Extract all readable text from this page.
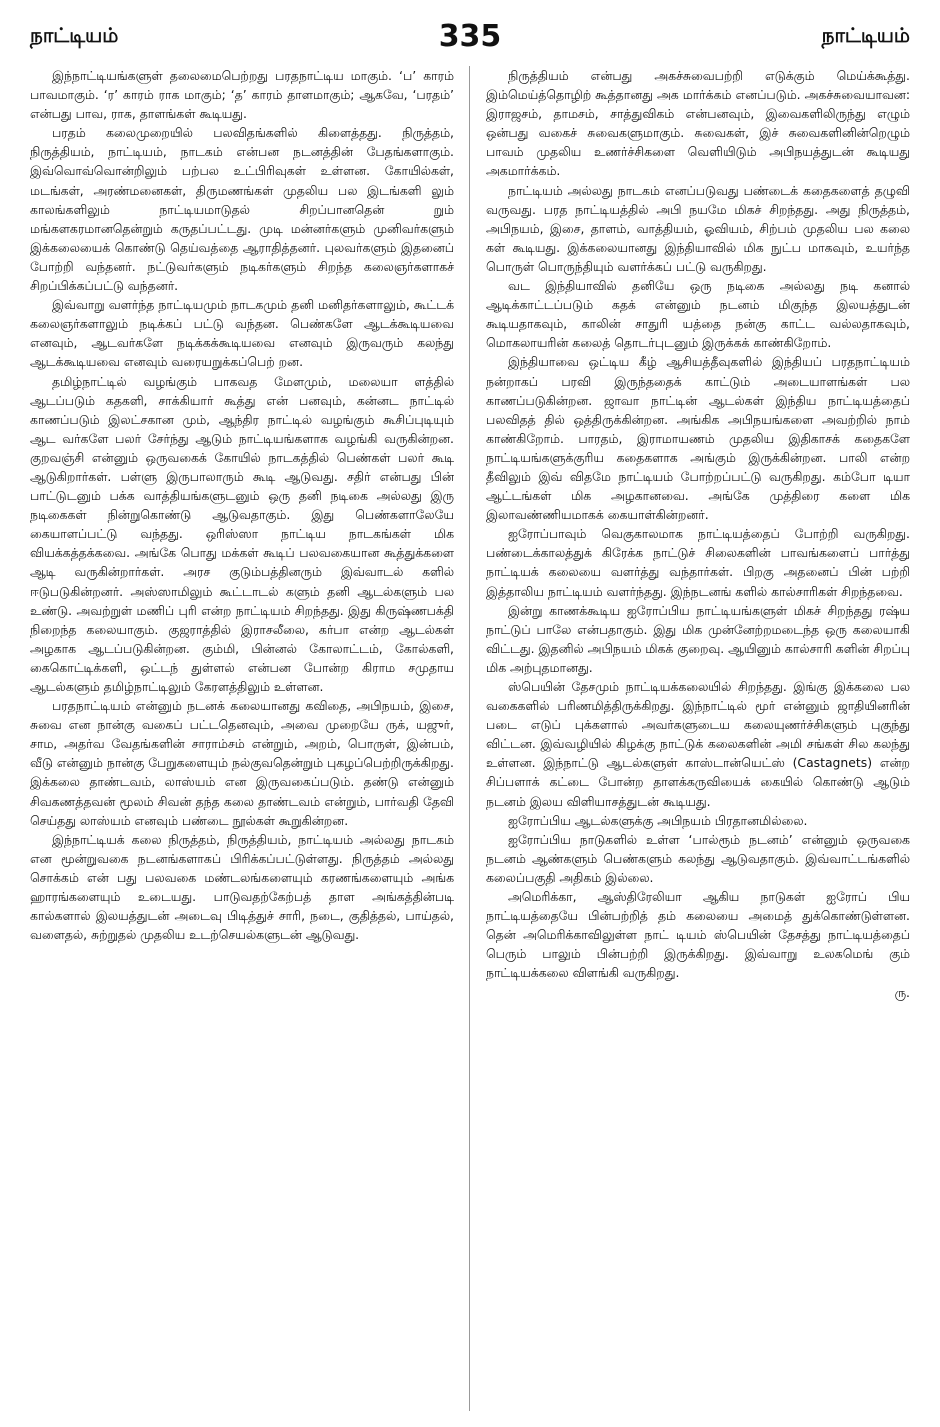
நாட்டியம்	335	நாட்டியம்

இந்நாட்டியங்களுள் தலைமைபெற்றது பரதநாட்டிய மாகும். ‘ப’ காரம் பாவமாகும். ‘ர’ காரம் ராக மாகும்; ‘த’ காரம் தாளமாகும்; ஆகவே, ‘பரதம்’ என்பது பாவ, ராக, தாளங்கள் கூடியது.

பரதம் கலைமுறையில் பலவிதங்களில் கிளைத்தது. நிருத்தம், நிருத்தியம், நாட்டியம், நாடகம் என்பன நடனத்தின் பேதங்களாகும். இவ்வொவ்வொன்றிலும் பற்பல உட்பிரிவுகள் உள்ளன. கோயில்கள், மடங்கள், அரண்மனைகள், திருமணங்கள் முதலிய பல இடங்களி லும் காலங்களிலும் நாட்டியமாடுதல் சிறப்பானதென் றும் மங்களகரமானதென்றும் கருதப்பட்டது. முடி மன்னர்களும் முனிவர்களும் இக்கலையைக் கொண்டு தெய்வத்தை ஆராதித்தனர். புலவர்களும் இதனைப் போற்றி வந்தனர். நட்டுவர்களும் நடிகர்களும் சிறந்த கலைஞர்களாகச் சிறப்பிக்கப்பட்டு வந்தனர்.

இவ்வாறு வளர்ந்த நாட்டியமும் நாடகமும் தனி மனிதர்களாலும், கூட்டக் கலைஞர்களாலும் நடிக்கப் பட்டு வந்தன. பெண்களே ஆடக்கூடியவை எனவும், ஆடவர்களே நடிக்கக்கூடியவை எனவும் இருவரும் கலந்து ஆடக்கூடியவை எனவும் வரையறுக்கப்பெற் றன.

தமிழ்நாட்டில் வழங்கும் பாகவத மேளமும், மலையா ளத்தில் ஆடப்படும் கதகளி, சாக்கியார் கூத்து என் பனவும், கன்னட நாட்டில் காணப்படும் இலட்சகான மும், ஆந்திர நாட்டில் வழங்கும் கூசிப்புடியும் ஆட வர்களே பலர் சேர்ந்து ஆடும் நாட்டியங்களாக வழங்கி வருகின்றன. குறவஞ்சி என்னும் ஒருவகைக் கோயில் நாடகத்தில் பெண்கள் பலர் கூடி ஆடுகிறார்கள். பள்ளு இருபாலாரும் கூடி ஆடுவது. சதிர் என்பது பின் பாட்டுடனும் பக்க வாத்தியங்களுடனும் ஒரு தனி நடிகை அல்லது இரு நடிகைகள் நின்றுகொண்டு ஆடுவதாகும். இது பெண்களாலேயே கையாளப்பட்டு வந்தது. ஒரிஸ்ஸா நாட்டிய நாடகங்கள் மிக வியக்கத்தக்கவை. அங்கே பொது மக்கள் கூடிப் பலவகையான கூத்துக்களை ஆடி வருகின்றார்கள். அரச குடும்பத்தினரும் இவ்வாடல் களில் ஈடுபடுகின்றனர். அஸ்ஸாமிலும் கூட்டாடல் களும் தனி ஆடல்களும் பல உண்டு. அவற்றுள் மணிப் புரி என்ற நாட்டியம் சிறந்தது. இது கிருஷ்ணபக்தி நிறைந்த கலையாகும். குஜராத்தில் இராசலீலை, கர்பா என்ற ஆடல்கள் அழகாக ஆடப்படுகின்றன. கும்மி, பின்னல் கோலாட்டம், கோல்களி, கைகொட்டிக்களி, ஒட்டந் துள்ளல் என்பன போன்ற கிராம சமுதாய ஆடல்களும் தமிழ்நாட்டிலும் கேரளத்திலும் உள்ளன.

பரதநாட்டியம் என்னும் நடனக் கலையானது கவிதை, அபிநயம், இசை, சுவை என நான்கு வகைப் பட்டதெனவும், அவை முறையே ருக், யஜுர், சாம, அதர்வ வேதங்களின் சாராம்சம் என்றும், அறம், பொருள், இன்பம், வீடு என்னும் நான்கு பேறுகளையும் நல்குவதென்றும் புகழப்பெற்றிருக்கிறது. இக்கலை தாண்டவம், லாஸ்யம் என இருவகைப்படும். தண்டு என்னும் சிவகணத்தவன் மூலம் சிவன் தந்த கலை தாண்டவம் என்றும், பார்வதி தேவி செய்தது லாஸ்யம் எனவும் பண்டை நூல்கள் கூறுகின்றன.

இந்நாட்டியக் கலை நிருத்தம், நிருத்தியம், நாட்டியம் அல்லது நாடகம் என மூன்றுவகை நடனங்களாகப் பிரிக்கப்பட்டுள்ளது. நிருத்தம் அல்லது சொக்கம் என் பது பலவகை மண்டலங்களையும் கரணங்களையும் அங்க ஹாரங்களையும் உடையது. பாடுவதற்கேற்பத் தாள அங்கத்தின்படி கால்களால் இலயத்துடன் அடைவு பிடித்துச் சாரி, நடை, குதித்தல், பாய்தல், வளைதல், சுற்றுதல் முதலிய உடற்செயல்களுடன் ஆடுவது.

நிருத்தியம் என்பது அகச்சுவைபற்றி எடுக்கும் மெய்க்கூத்து. இம்மெய்த்தொழிற் கூத்தானது அக மார்க்கம் எனப்படும். அகச்சுவையாவன: இராஜசம், தாமசம், சாத்துவிகம் என்பனவும், இவைகளிலிருந்து எழும் ஒன்பது வகைச் சுவைகளுமாகும். சுவைகள், இச் சுவைகளினின்றெழும் பாவம் முதலிய உணர்ச்சிகளை வெளியிடும் அபிநயத்துடன் கூடியது அகமார்க்கம்.

நாட்டியம் அல்லது நாடகம் எனப்படுவது பண்டைக் கதைகளைத் தழுவி வருவது. பரத நாட்டியத்தில் அபி நயமே மிகச் சிறந்தது. அது நிருத்தம், அபிநயம், இசை, தாளம், வாத்தியம், ஓவியம், சிற்பம் முதலிய பல கலை கள் கூடியது. இக்கலையானது இந்தியாவில் மிக நுட்ப மாகவும், உயர்ந்த பொருள் பொருந்தியும் வளர்க்கப் பட்டு வருகிறது.

வட இந்தியாவில் தனியே ஒரு நடிகை அல்லது நடி கனால் ஆடிக்காட்டப்படும் கதக் என்னும் நடனம் மிகுந்த இலயத்துடன் கூடியதாகவும், காலின் சாதுரி யத்தை நன்கு காட்ட வல்லதாகவும், மொகலாயரின் கலைத் தொடர்புடனும் இருக்கக் காண்கிறோம்.

இந்தியாவை ஒட்டிய கீழ் ஆசியத்தீவுகளில் இந்தியப் பரதநாட்டியம் நன்றாகப் பரவி இருந்ததைக் காட்டும் அடையாளங்கள் பல காணப்படுகின்றன. ஜாவா நாட்டின் ஆடல்கள் இந்திய நாட்டியத்தைப் பலவிதத் தில் ஒத்திருக்கின்றன. அங்கிக அபிநயங்களை அவற்றில் நாம் காண்கிறோம். பாரதம், இராமாயணம் முதலிய இதிகாசக் கதைகளே நாட்டியங்களுக்குரிய கதைகளாக அங்கும் இருக்கின்றன. பாலி என்ற தீவிலும் இவ் விதமே நாட்டியம் போற்றப்பட்டு வருகிறது. கம்போ டியா ஆட்டங்கள் மிக அழகானவை. அங்கே முத்திரை களை மிக இலாவண்ணியமாகக் கையாள்கின்றனர்.

ஐரோப்பாவும் வெகுகாலமாக நாட்டியத்தைப் போற்றி வருகிறது. பண்டைக்காலத்துக் கிரேக்க நாட்டுச் சிலைகளின் பாவங்களைப் பார்த்து நாட்டியக் கலையை வளர்த்து வந்தார்கள். பிறகு அதனைப் பின் பற்றி இத்தாலிய நாட்டியம் வளர்ந்தது. இந்நடனங் களில் கால்சாரிகள் சிறந்தவை.

இன்று காணக்கூடிய ஐரோப்பிய நாட்டியங்களுள் மிகச் சிறந்தது ரஷ்ய நாட்டுப் பாலே என்பதாகும். இது மிக முன்னேற்றமடைந்த ஒரு கலையாகி விட்டது. இதனில் அபிநயம் மிகக் குறைவு. ஆயினும் கால்சாரி களின் சிறப்பு மிக அற்புதமானது.

ஸ்பெயின் தேசமும் நாட்டியக்கலையில் சிறந்தது. இங்கு இக்கலை பல வகைகளில் பரிணமித்திருக்கிறது. இந்நாட்டில் மூர் என்னும் ஜாதியினரின் படை எடுப் புக்களால் அவர்களுடைய கலையுணர்ச்சிகளும் புகுந்து விட்டன. இவ்வழியில் கிழக்கு நாட்டுக் கலைகளின் அமி சங்கள் சில கலந்து உள்ளன. இந்நாட்டு ஆடல்களுள் காஸ்டான்யெட்ஸ் (Castagnets) என்ற சிப்பளாக் கட்டை போன்ற தாளக்கருவியைக் கையில் கொண்டு ஆடும் நடனம் இலய விளியாசத்துடன் கூடியது.

ஐரோப்பிய ஆடல்களுக்கு அபிநயம் பிரதானமில்லை.

ஐரோப்பிய நாடுகளில் உள்ள ‘பால்ரூம் நடனம்’ என்னும் ஒருவகை நடனம் ஆண்களும் பெண்களும் கலந்து ஆடுவதாகும். இவ்வாட்டங்களில் கலைப்பகுதி அதிகம் இல்லை.

அமெரிக்கா, ஆஸ்திரேலியா ஆகிய நாடுகள் ஐரோப் பிய நாட்டியத்தையே பின்பற்றித் தம் கலையை அமைத் துக்கொண்டுள்ளன. தென் அமெரிக்காவிலுள்ள நாட் டியம் ஸ்பெயின் தேசத்து நாட்டியத்தைப் பெரும் பாலும் பின்பற்றி இருக்கிறது. இவ்வாறு உலகமெங் கும் நாட்டியக்கலை விளங்கி வருகிறது.

ரு.
